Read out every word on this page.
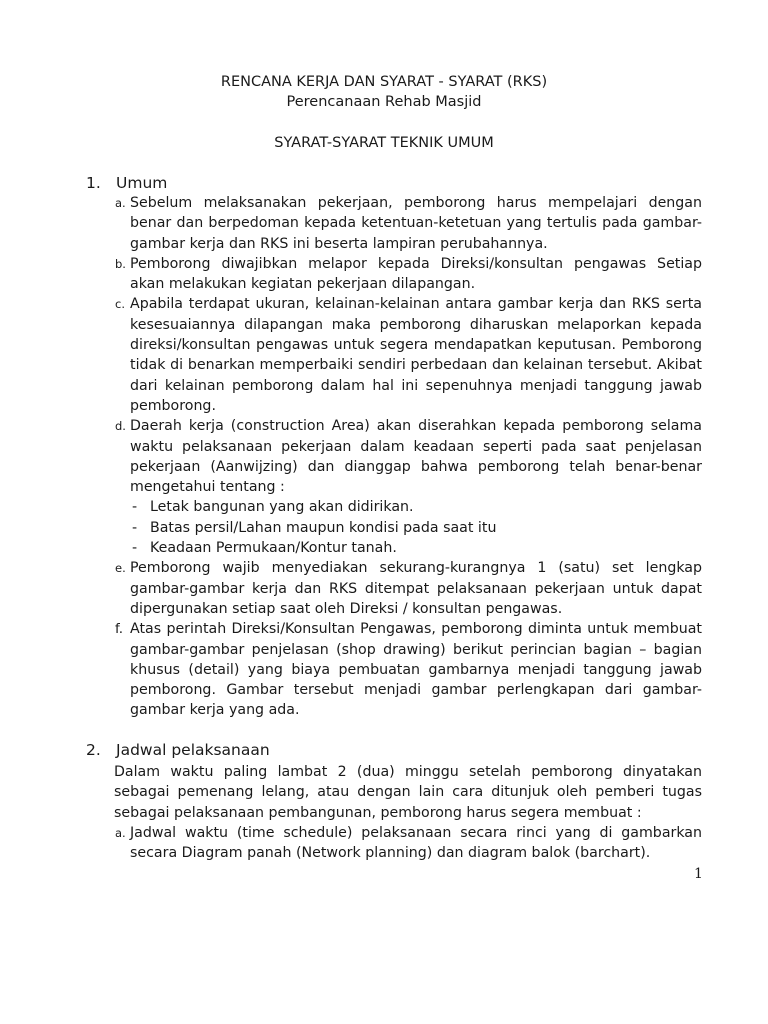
RENCANA KERJA DAN SYARAT - SYARAT (RKS)
Perencanaan Rehab Masjid
SYARAT-SYARAT TEKNIK UMUM
1. Umum
a. Sebelum melaksanakan pekerjaan, pemborong harus mempelajari dengan benar dan berpedoman kepada ketentuan-ketetuan yang tertulis pada gambar-gambar kerja dan RKS ini beserta lampiran perubahannya.
b. Pemborong diwajibkan melapor kepada Direksi/konsultan pengawas Setiap akan melakukan kegiatan pekerjaan dilapangan.
c. Apabila terdapat ukuran, kelainan-kelainan antara gambar kerja dan RKS serta kesesuaiannya dilapangan maka pemborong diharuskan melaporkan kepada direksi/konsultan pengawas untuk segera mendapatkan keputusan. Pemborong tidak di benarkan memperbaiki sendiri perbedaan dan kelainan tersebut. Akibat dari kelainan pemborong dalam hal ini sepenuhnya menjadi tanggung jawab pemborong.
d. Daerah kerja (construction Area) akan diserahkan kepada pemborong selama waktu pelaksanaan pekerjaan dalam keadaan seperti pada saat penjelasan pekerjaan (Aanwijzing) dan dianggap bahwa pemborong telah benar-benar mengetahui tentang :
- Letak bangunan yang akan didirikan.
- Batas persil/Lahan maupun kondisi pada saat itu
- Keadaan Permukaan/Kontur tanah.
e. Pemborong wajib menyediakan sekurang-kurangnya 1 (satu) set lengkap gambar-gambar kerja dan RKS ditempat pelaksanaan pekerjaan untuk dapat dipergunakan setiap saat oleh Direksi / konsultan pengawas.
f. Atas perintah Direksi/Konsultan Pengawas, pemborong diminta untuk membuat gambar-gambar penjelasan (shop drawing) berikut perincian bagian – bagian khusus (detail) yang biaya pembuatan gambarnya menjadi tanggung jawab pemborong. Gambar tersebut menjadi gambar perlengkapan dari gambar-gambar kerja yang ada.
2. Jadwal pelaksanaan
Dalam waktu paling lambat 2 (dua) minggu setelah pemborong dinyatakan sebagai pemenang lelang, atau dengan lain cara ditunjuk oleh pemberi tugas sebagai pelaksanaan pembangunan, pemborong harus segera membuat :
a. Jadwal waktu (time schedule) pelaksanaan secara rinci yang di gambarkan secara Diagram panah (Network planning) dan diagram balok (barchart).
1
